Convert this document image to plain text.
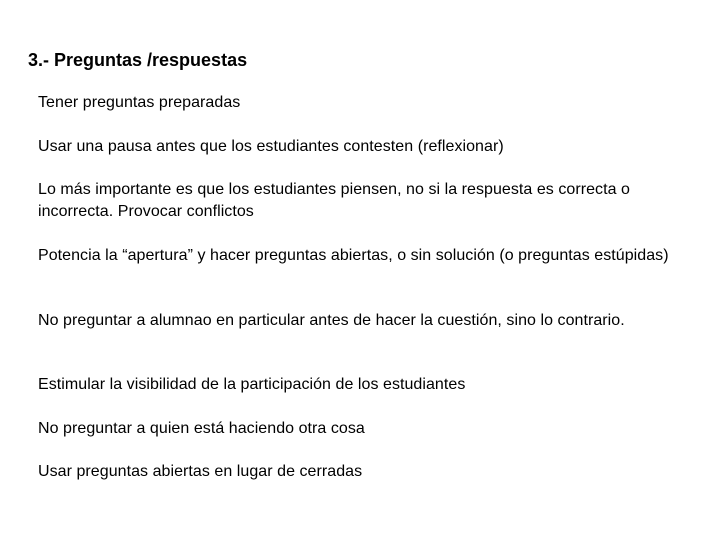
3.- Preguntas /respuestas
Tener preguntas preparadas
Usar una pausa antes que los estudiantes contesten (reflexionar)
Lo más importante es que los estudiantes piensen, no si la respuesta es correcta o incorrecta. Provocar conflictos
Potencia la “apertura” y hacer preguntas abiertas, o sin solución (o preguntas estúpidas)
No preguntar a alumnao en particular antes de hacer la cuestión, sino lo contrario.
Estimular la visibilidad de la participación de los estudiantes
No preguntar a quien está haciendo otra cosa
Usar preguntas abiertas en lugar de cerradas
